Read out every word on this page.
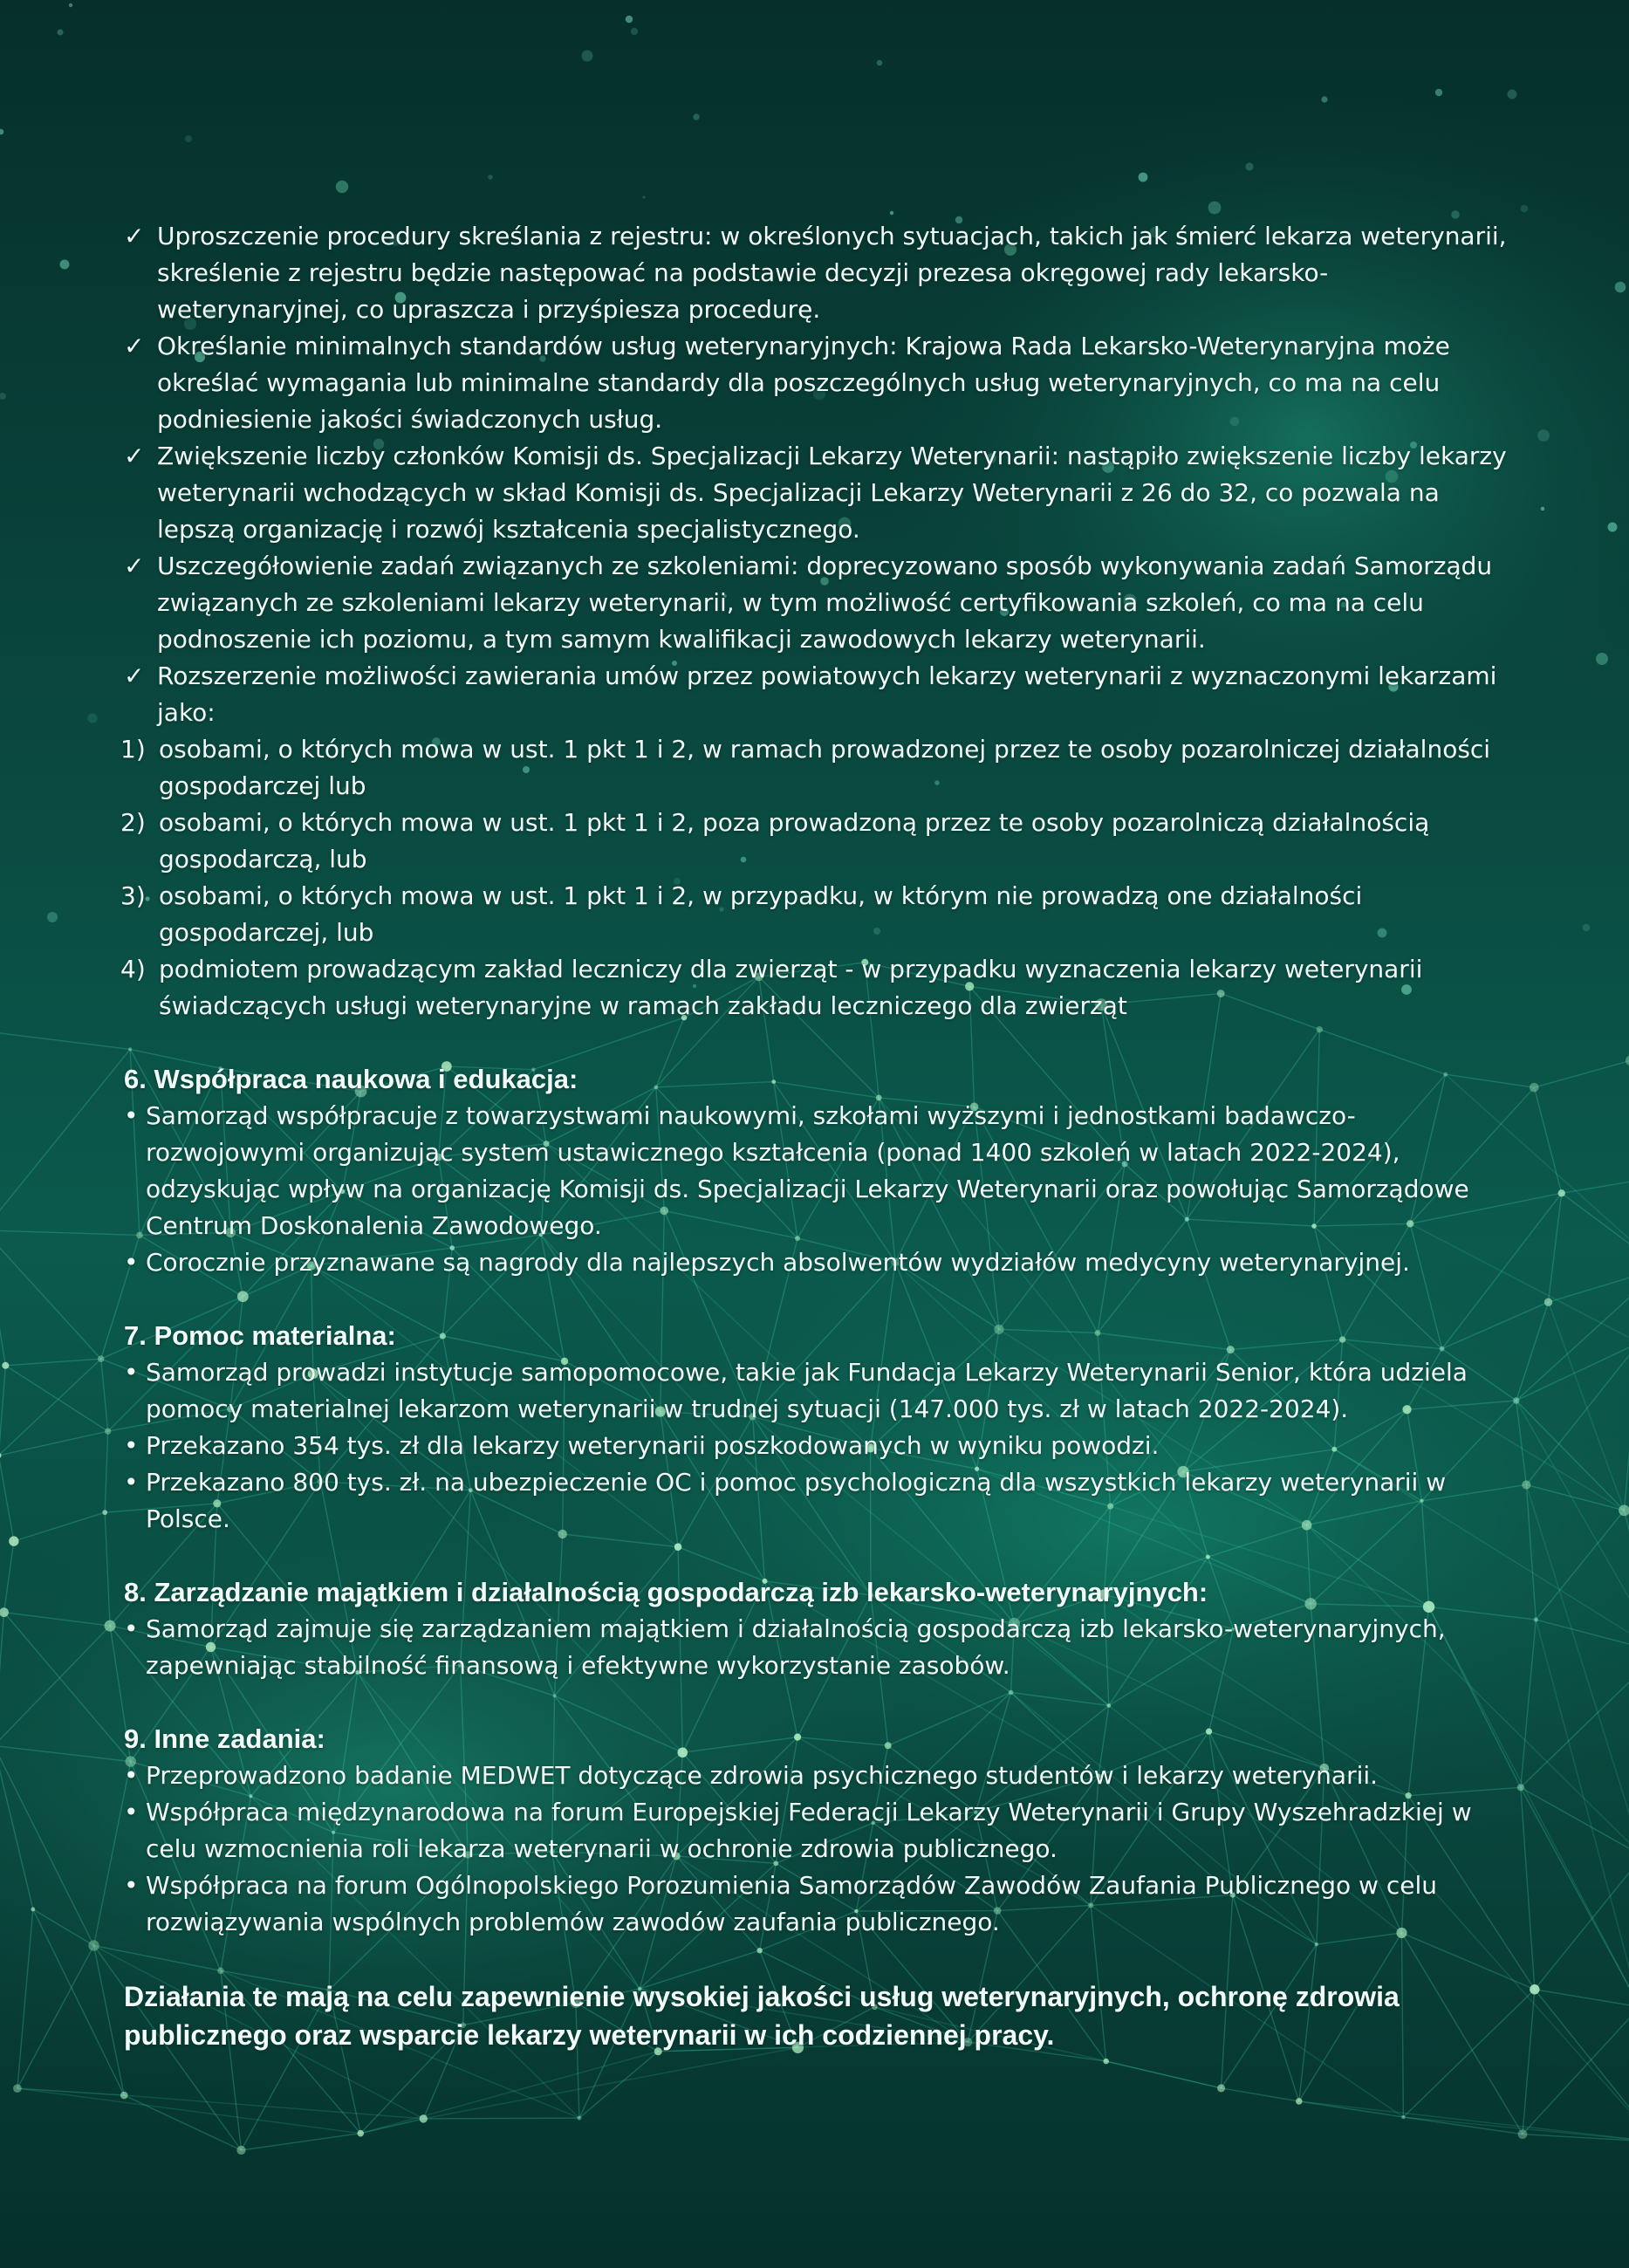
✓ Uproszczenie procedury skreślania z rejestru: w określonych sytuacjach, takich jak śmierć lekarza weterynarii, skreślenie z rejestru będzie następować na podstawie decyzji prezesa okręgowej rady lekarsko-weterynaryjnej, co upraszcza i przyśpiesza procedurę.
✓ Określanie minimalnych standardów usług weterynaryjnych: Krajowa Rada Lekarsko-Weterynaryjna może określać wymagania lub minimalne standardy dla poszczególnych usług weterynaryjnych, co ma na celu podniesienie jakości świadczonych usług.
✓ Zwiększenie liczby członków Komisji ds. Specjalizacji Lekarzy Weterynarii: nastąpiło zwiększenie liczby lekarzy weterynarii wchodzących w skład Komisji ds. Specjalizacji Lekarzy Weterynarii z 26 do 32, co pozwala na lepszą organizację i rozwój kształcenia specjalistycznego.
✓ Uszczegółowienie zadań związanych ze szkoleniami: doprecyzowano sposób wykonywania zadań Samorządu związanych ze szkoleniami lekarzy weterynarii, w tym możliwość certyfikowania szkoleń, co ma na celu podnoszenie ich poziomu, a tym samym kwalifikacji zawodowych lekarzy weterynarii.
✓ Rozszerzenie możliwości zawierania umów przez powiatowych lekarzy weterynarii z wyznaczonymi lekarzami jako:
1) osobami, o których mowa w ust. 1 pkt 1 i 2, w ramach prowadzonej przez te osoby pozarolniczej działalności gospodarczej lub
2) osobami, o których mowa w ust. 1 pkt 1 i 2, poza prowadzoną przez te osoby pozarolniczą działalnością gospodarczą, lub
3) osobami, o których mowa w ust. 1 pkt 1 i 2, w przypadku, w którym nie prowadzą one działalności gospodarczej, lub
4) podmiotem prowadzącym zakład leczniczy dla zwierząt - w przypadku wyznaczenia lekarzy weterynarii świadczących usługi weterynaryjne w ramach zakładu leczniczego dla zwierząt
6. Współpraca naukowa i edukacja:
• Samorząd współpracuje z towarzystwami naukowymi, szkołami wyższymi i jednostkami badawczo-rozwojowymi organizując system ustawicznego kształcenia (ponad 1400 szkoleń w latach 2022-2024), odzyskując wpływ na organizację Komisji ds. Specjalizacji Lekarzy Weterynarii oraz powołując Samorządowe Centrum Doskonalenia Zawodowego.
• Corocznie przyznawane są nagrody dla najlepszych absolwentów wydziałów medycyny weterynaryjnej.
7. Pomoc materialna:
• Samorząd prowadzi instytucje samopomocowe, takie jak Fundacja Lekarzy Weterynarii Senior, która udziela pomocy materialnej lekarzom weterynarii w trudnej sytuacji (147.000 tys. zł w latach 2022-2024).
• Przekazano 354 tys. zł dla lekarzy weterynarii poszkodowanych w wyniku powodzi.
• Przekazano 800 tys. zł. na ubezpieczenie OC i pomoc psychologiczną dla wszystkich lekarzy weterynarii w Polsce.
8. Zarządzanie majątkiem i działalnością gospodarczą izb lekarsko-weterynaryjnych:
• Samorząd zajmuje się zarządzaniem majątkiem i działalnością gospodarczą izb lekarsko-weterynaryjnych, zapewniając stabilność finansową i efektywne wykorzystanie zasobów.
9. Inne zadania:
• Przeprowadzono badanie MEDWET dotyczące zdrowia psychicznego studentów i lekarzy weterynarii.
• Współpraca międzynarodowa na forum Europejskiej Federacji Lekarzy Weterynarii i Grupy Wyszehradzkiej w celu wzmocnienia roli lekarza weterynarii w ochronie zdrowia publicznego.
• Współpraca na forum Ogólnopolskiego Porozumienia Samorządów Zawodów Zaufania Publicznego w celu rozwiązywania wspólnych problemów zawodów zaufania publicznego.
Działania te mają na celu zapewnienie wysokiej jakości usług weterynaryjnych, ochronę zdrowia publicznego oraz wsparcie lekarzy weterynarii w ich codziennej pracy.
